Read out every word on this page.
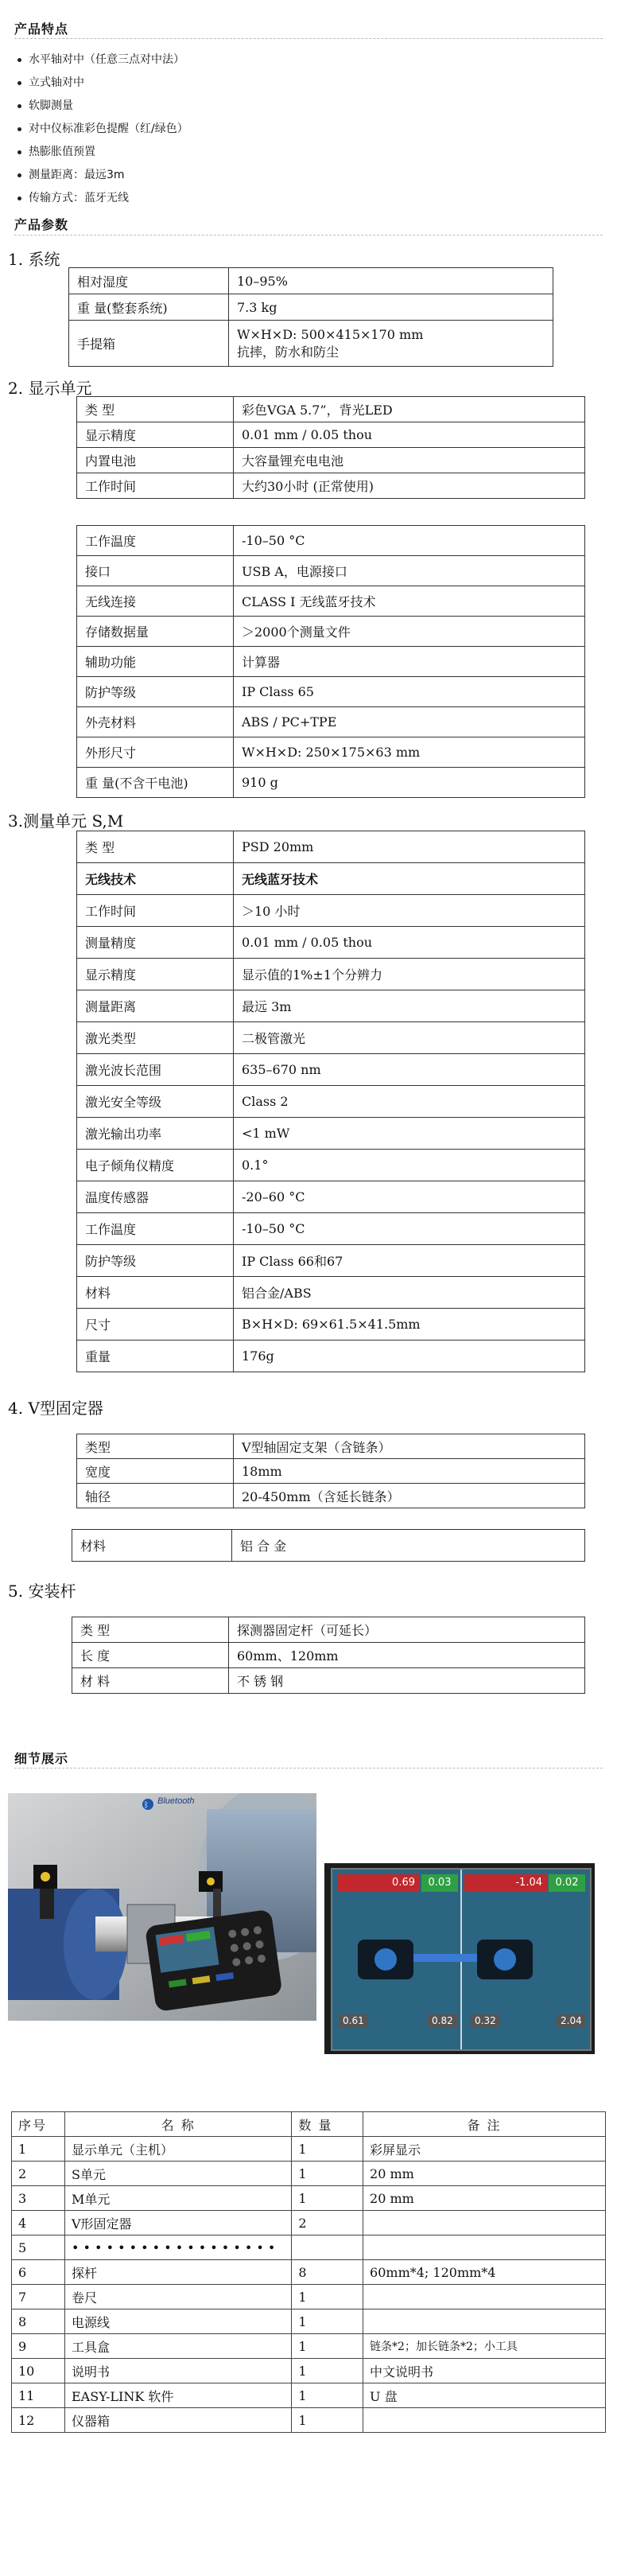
产品特点
水平轴对中（任意三点对中法）
立式轴对中
软脚测量
对中仪标准彩色提醒（红/绿色）
热膨胀值预置
测量距离：最远3m
传输方式：蓝牙无线
产品参数
1. 系统
相对湿度	10–95%
重 量(整套系统)	7.3 kg
手提箱	W×H×D: 500×415×170 mm
抗摔，防水和防尘
2. 显示单元
类 型	彩色VGA 5.7”，背光LED
显示精度	0.01 mm / 0.05 thou
内置电池	大容量锂充电电池
工作时间	大约30小时 (正常使用)
工作温度	-10–50 °C
接口	USB A，电源接口
无线连接	CLASS I 无线蓝牙技术
存储数据量	＞2000个测量文件
辅助功能	计算器
防护等级	IP Class 65
外壳材料	ABS / PC+TPE
外形尺寸	W×H×D: 250×175×63 mm
重 量(不含干电池)	910 g
3.测量单元 S,M
类 型	PSD 20mm
无线技术	无线蓝牙技术
工作时间	＞10 小时
测量精度	0.01 mm / 0.05 thou
显示精度	显示值的1%±1个分辨力
测量距离	最远 3m
激光类型	二极管激光
激光波长范围	635–670 nm
激光安全等级	Class 2
激光输出功率	<1 mW
电子倾角仪精度	0.1°
温度传感器	-20–60 °C
工作温度	-10–50 °C
防护等级	IP Class 66和67
材料	铝合金/ABS
尺寸	B×H×D: 69×61.5×41.5mm
重量	176g
4. V型固定器
类型	V型轴固定支架（含链条）
宽度	18mm
轴径	20-450mm（含延长链条）
材料	铝 合 金
5. 安装杆
类 型	探测器固定杆（可延长）
长 度	60mm、120mm
材 料	不 锈 钢
细节展示
ᛒ Bluetooth
0.69	0.03	-1.04	0.02
0.61	0.82	0.32	2.04
序号	名 称	数 量	备 注
1	显示单元（主机）	1	彩屏显示
2	S单元	1	20 mm
3	M单元	1	20 mm
4	V形固定器	2	
5	• • • • • • • • • • • • • • • • • •		
6	探杆	8	60mm*4; 120mm*4
7	卷尺	1	
8	电源线	1	
9	工具盒	1	链条*2；加长链条*2；小工具
10	说明书	1	中文说明书
11	EASY-LINK 软件	1	U 盘
12	仪器箱	1	
